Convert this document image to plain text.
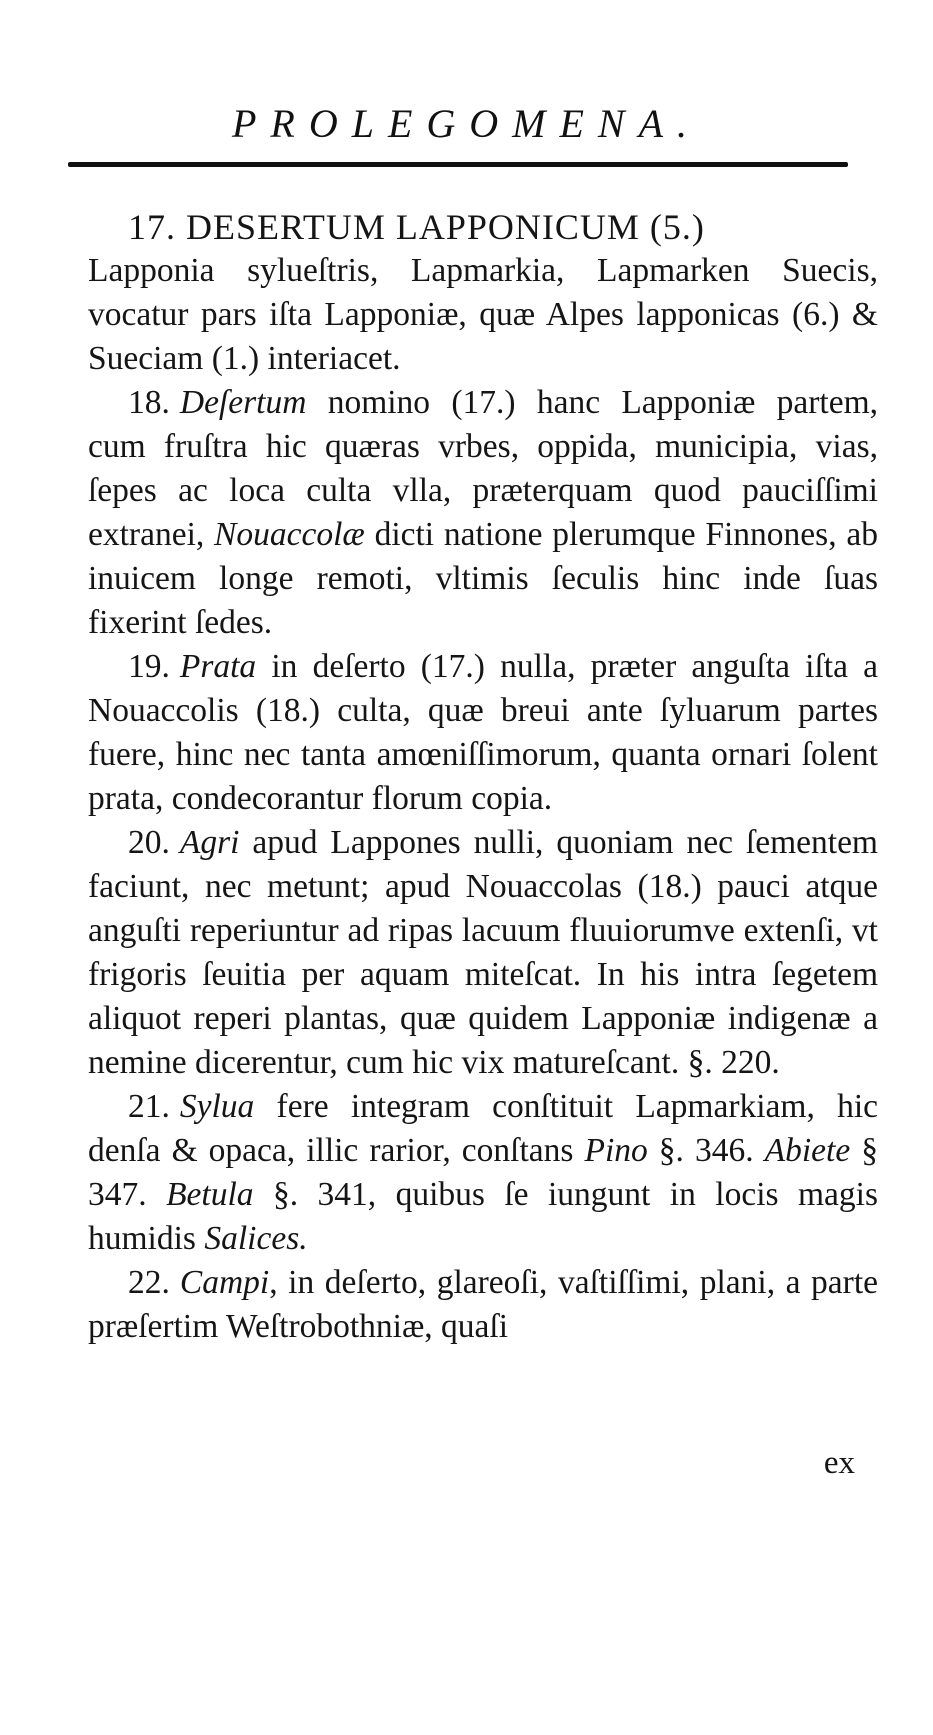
PROLEGOMENA.

17. DESERTUM LAPPONICUM (5.)

Lapponia sylueſtris, Lapmarkia, Lapmarken Suecis, vocatur pars iſta Lapponiæ, quæ Alpes lapponicas (6.) & Sueciam (1.) interiacet.

18. Deſertum nomino (17.) hanc Lapponiæ partem, cum fruſtra hic quæras vrbes, oppida, municipia, vias, ſepes ac loca culta vlla, præterquam quod pauciſſimi extranei, Nouaccolæ dicti natione plerumque Finnones, ab inuicem longe remoti, vltimis ſeculis hinc inde ſuas fixerint ſedes.

19. Prata in deſerto (17.) nulla, præter anguſta iſta a Nouaccolis (18.) culta, quæ breui ante ſyluarum partes fuere, hinc nec tanta amœniſſimorum, quanta ornari ſolent prata, condecorantur florum copia.

20. Agri apud Lappones nulli, quoniam nec ſementem faciunt, nec metunt; apud Nouaccolas (18.) pauci atque anguſti reperiuntur ad ripas lacuum fluuiorumve extenſi, vt frigoris ſeuitia per aquam miteſcat. In his intra ſegetem aliquot reperi plantas, quæ quidem Lapponiæ indigenæ a nemine dicerentur, cum hic vix matureſcant. §. 220.

21. Sylua fere integram conſtituit Lapmarkiam, hic denſa & opaca, illic rarior, conſtans Pino §. 346. Abiete § 347. Betula §. 341, quibus ſe iungunt in locis magis humidis Salices.

22. Campi, in deſerto, glareoſi, vaſtiſſimi, plani, a parte præſertim Weſtrobothniæ, quaſi

ex
